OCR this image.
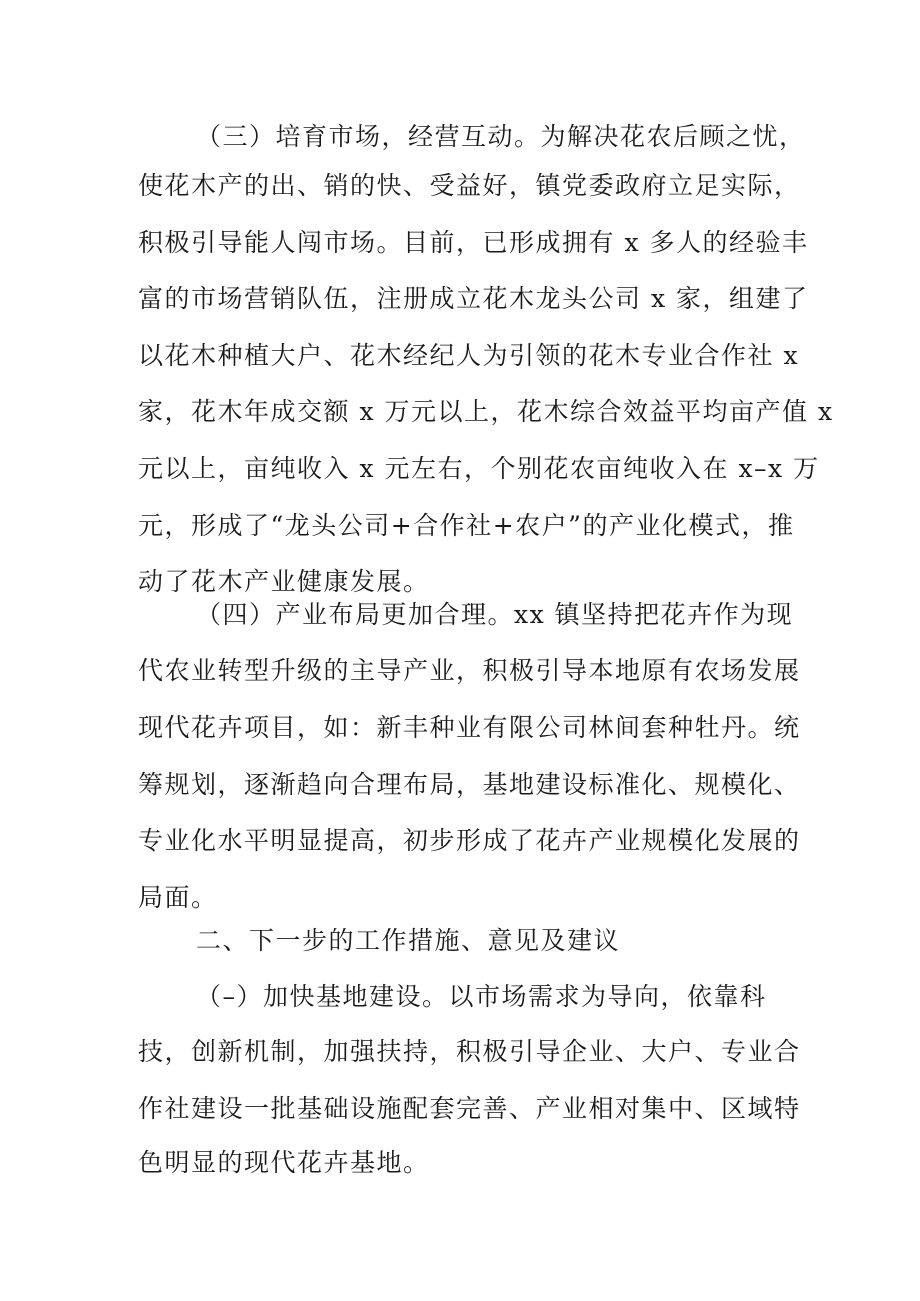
（三）培育市场，经营互动。为解决花农后顾之忧，
使花木产的出、销的快、受益好，镇党委政府立足实际，
积极引导能人闯市场。目前，已形成拥有 x 多人的经验丰
富的市场营销队伍，注册成立花木龙头公司 x 家，组建了
以花木种植大户、花木经纪人为引领的花木专业合作社 x
家，花木年成交额 x 万元以上，花木综合效益平均亩产值 x
元以上，亩纯收入 x 元左右，个别花农亩纯收入在 x–x 万
元，形成了“龙头公司+合作社+农户”的产业化模式，推
动了花木产业健康发展。
（四）产业布局更加合理。xx 镇坚持把花卉作为现
代农业转型升级的主导产业，积极引导本地原有农场发展
现代花卉项目，如：新丰种业有限公司林间套种牡丹。统
筹规划，逐渐趋向合理布局，基地建设标准化、规模化、
专业化水平明显提高，初步形成了花卉产业规模化发展的
局面。
二、下一步的工作措施、意见及建议
（–）加快基地建设。以市场需求为导向，依靠科
技，创新机制，加强扶持，积极引导企业、大户、专业合
作社建设一批基础设施配套完善、产业相对集中、区域特
色明显的现代花卉基地。
